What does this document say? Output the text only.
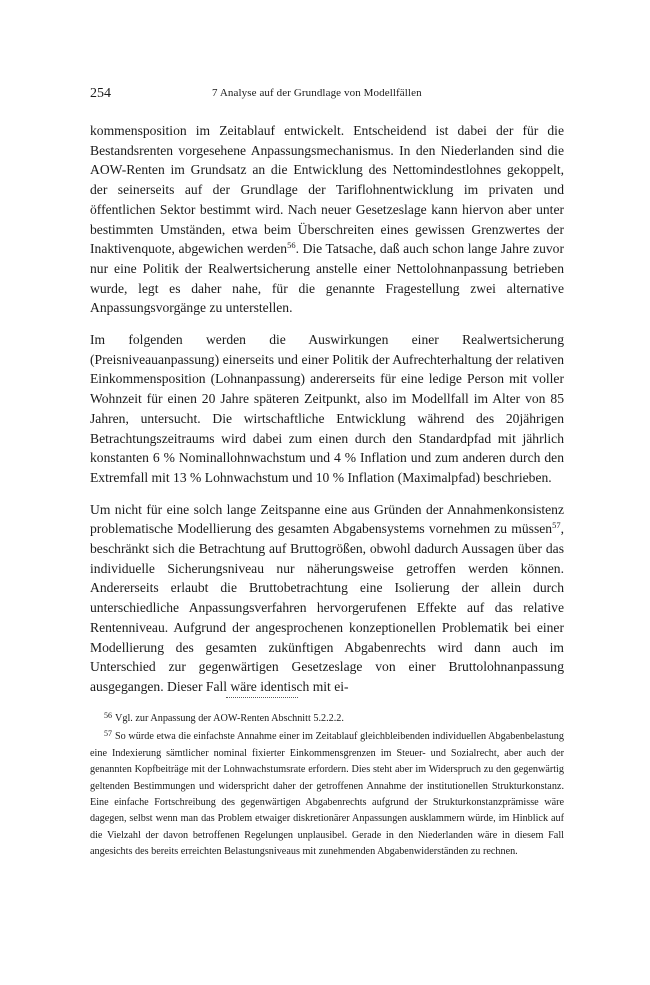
254	7 Analyse auf der Grundlage von Modellfällen

kommensposition im Zeitablauf entwickelt. Entscheidend ist dabei der für die Bestandsrenten vorgesehene Anpassungsmechanismus. In den Niederlanden sind die AOW-Renten im Grundsatz an die Entwicklung des Nettomindestlohnes gekoppelt, der seinerseits auf der Grundlage der Tariflohnentwicklung im privaten und öffentlichen Sektor bestimmt wird. Nach neuer Gesetzeslage kann hiervon aber unter bestimmten Umständen, etwa beim Überschreiten eines gewissen Grenzwertes der Inaktivenquote, abgewichen werden$^{56}$. Die Tatsache, daß auch schon lange Jahre zuvor nur eine Politik der Realwertsicherung anstelle einer Nettolohnanpassung betrieben wurde, legt es daher nahe, für die genannte Fragestellung zwei alternative Anpassungsvorgänge zu unterstellen.

Im folgenden werden die Auswirkungen einer Realwertsicherung (Preisniveauanpassung) einerseits und einer Politik der Aufrechterhaltung der relativen Einkommensposition (Lohnanpassung) andererseits für eine ledige Person mit voller Wohnzeit für einen 20 Jahre späteren Zeitpunkt, also im Modellfall im Alter von 85 Jahren, untersucht. Die wirtschaftliche Entwicklung während des 20jährigen Betrachtungszeitraums wird dabei zum einen durch den Standardpfad mit jährlich konstanten 6 % Nominallohnwachstum und 4 % Inflation und zum anderen durch den Extremfall mit 13 % Lohnwachstum und 10 % Inflation (Maximalpfad) beschrieben.

Um nicht für eine solch lange Zeitspanne eine aus Gründen der Annahmenkonsistenz problematische Modellierung des gesamten Abgabensystems vornehmen zu müssen$^{57}$, beschränkt sich die Betrachtung auf Bruttogrößen, obwohl dadurch Aussagen über das individuelle Sicherungsniveau nur näherungsweise getroffen werden können. Andererseits erlaubt die Bruttobetrachtung eine Isolierung der allein durch unterschiedliche Anpassungsverfahren hervorgerufenen Effekte auf das relative Rentenniveau. Aufgrund der angesprochenen konzeptionellen Problematik bei einer Modellierung des gesamten zukünftigen Abgabenrechts wird dann auch im Unterschied zur gegenwärtigen Gesetzeslage von einer Bruttolohnanpassung ausgegangen. Dieser Fall wäre identisch mit ei-

$^{56}$ Vgl. zur Anpassung der AOW-Renten Abschnitt 5.2.2.2.
$^{57}$ So würde etwa die einfachste Annahme einer im Zeitablauf gleichbleibenden individuellen Abgabenbelastung eine Indexierung sämtlicher nominal fixierter Einkommensgrenzen im Steuer- und Sozialrecht, aber auch der genannten Kopfbeiträge mit der Lohnwachstumsrate erfordern. Dies steht aber im Widerspruch zu den gegenwärtig geltenden Bestimmungen und widerspricht daher der getroffenen Annahme der institutionellen Strukturkonstanz. Eine einfache Fortschreibung des gegenwärtigen Abgabenrechts aufgrund der Strukturkonstanzprämisse wäre dagegen, selbst wenn man das Problem etwaiger diskretionärer Anpassungen ausklammern würde, im Hinblick auf die Vielzahl der davon betroffenen Regelungen unplausibel. Gerade in den Niederlanden wäre in diesem Fall angesichts des bereits erreichten Belastungsniveaus mit zunehmenden Abgabenwiderständen zu rechnen.
